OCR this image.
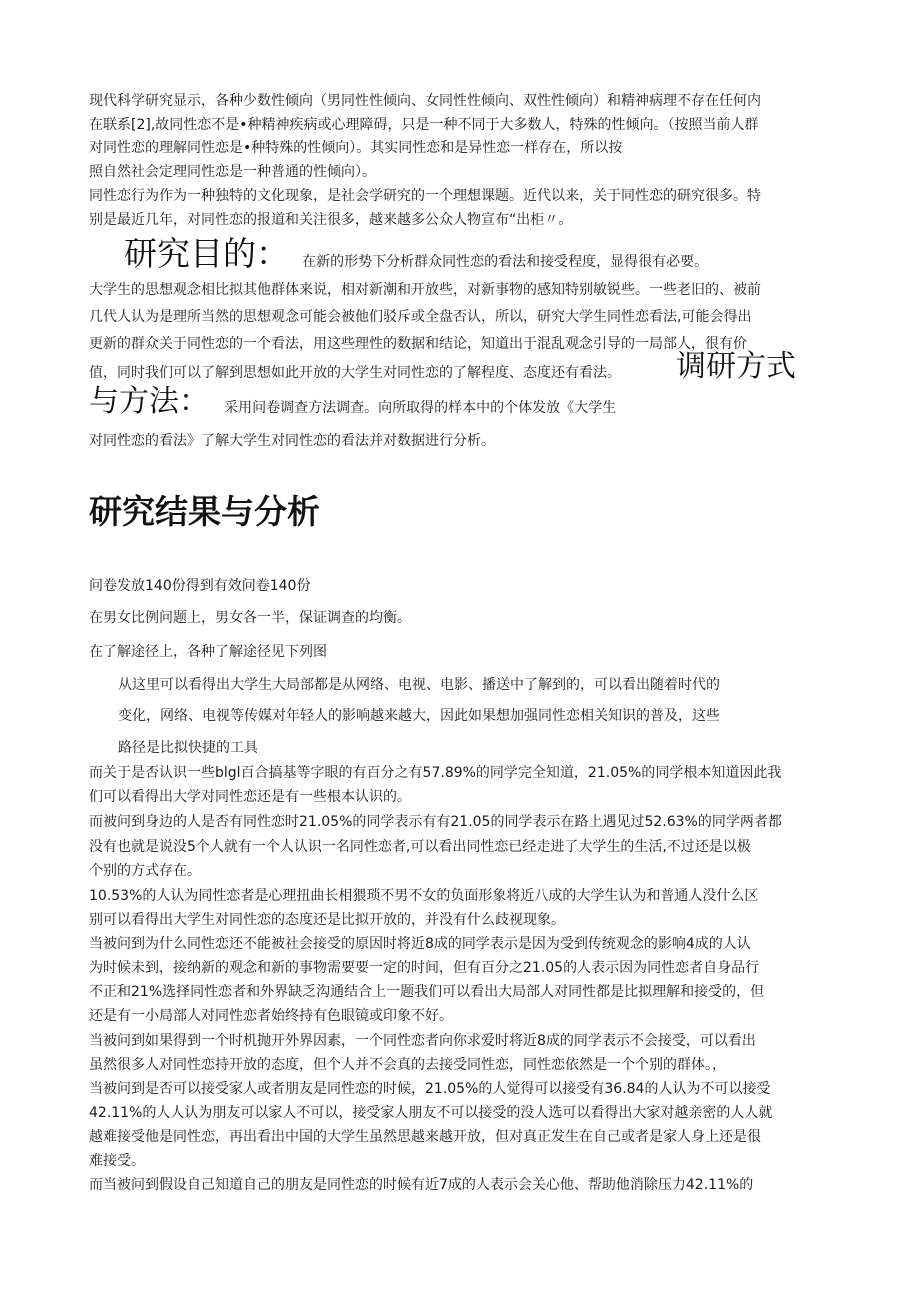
现代科学研究显示，各种少数性倾向（男同性性倾向、女同性性倾向、双性性倾向）和精神病理不存在任何内

在联系[2],故同性恋不是•种精神疾病或心理障碍，只是一种不同于大多数人，特殊的性倾向。（按照当前人群

对同性恋的理解同性恋是•种特殊的性倾向）。其实同性恋和是异性恋一样存在，所以按

照自然社会定理同性恋是一种普通的性倾向）。

同性恋行为作为一种独特的文化现象，是社会学研究的一个理想课题。近代以来，关于同性恋的研究很多。特

别是最近几年，对同性恋的报道和关注很多，越来越多公众人物宣布“出柜〃。

研究目的： 在新的形势下分析群众同性恋的看法和接受程度，显得很有必要。

大学生的思想观念相比拟其他群体来说，相对新潮和开放些，对新事物的感知特别敏锐些。一些老旧的、被前

几代人认为是理所当然的思想观念可能会被他们驳斥或全盘否认，所以，研究大学生同性恋看法,可能会得出

更新的群众关于同性恋的一个看法，用这些理性的数据和结论，知道出于混乱观念引导的一局部人，很有价

值，同时我们可以了解到思想如此开放的大学生对同性恋的了解程度、态度还有看法。 调研方式
与方法： 采用问卷调查方法调查。向所取得的样本中的个体发放《大学生

对同性恋的看法》了解大学生对同性恋的看法并对数据进行分析。

研究结果与分析

问卷发放140份得到有效问卷140份

在男女比例问题上，男女各一半，保证调查的均衡。

在了解途径上，各种了解途径见下列图

从这里可以看得出大学生大局部都是从网络、电视、电影、播送中了解到的，可以看出随着时代的

变化，网络、电视等传媒对年轻人的影响越来越大，因此如果想加强同性恋相关知识的普及，这些

路径是比拟快捷的工具

而关于是否认识一些blgl百合搞基等字眼的有百分之有57.89%的同学完全知道，21.05%的同学根本知道因此我

们可以看得出大学对同性恋还是有一些根本认识的。

而被问到身边的人是否有同性恋时21.05%的同学表示有有21.05的同学表示在路上遇见过52.63%的同学两者都

没有也就是说没5个人就有一个人认识一名同性恋者,可以看出同性恋已经走进了大学生的生活,不过还是以极

个别的方式存在。

10.53%的人认为同性恋者是心理扭曲长相猥琐不男不女的负面形象将近八成的大学生认为和普通人没什么区

别可以看得出大学生对同性恋的态度还是比拟开放的，并没有什么歧视现象。

当被问到为什么同性恋还不能被社会接受的原因时将近8成的同学表示是因为受到传统观念的影响4成的人认

为时候未到，接纳新的观念和新的事物需要要一定的时间，但有百分之21.05的人表示因为同性恋者自身品行

不正和21%选择同性恋者和外界缺乏沟通结合上一题我们可以看出大局部人对同性都是比拟理解和接受的，但

还是有一小局部人对同性恋者始终持有色眼镜或印象不好。

当被问到如果得到一个时机抛开外界因素，一个同性恋者向你求爱时将近8成的同学表示不会接受，可以看出

虽然很多人对同性恋持开放的态度，但个人并不会真的去接受同性恋，同性恋依然是一个个别的群体。，

当被问到是否可以接受家人或者朋友是同性恋的时候，21.05%的人觉得可以接受有36.84的人认为不可以接受

42.11%的人人认为朋友可以家人不可以，接受家人朋友不可以接受的没人选可以看得出大家对越亲密的人人就

越难接受他是同性恋，再出看出中国的大学生虽然思越来越开放，但对真正发生在自己或者是家人身上还是很

难接受。

而当被问到假设自己知道自己的朋友是同性恋的时候有近7成的人表示会关心他、帮助他消除压力42.11%的
